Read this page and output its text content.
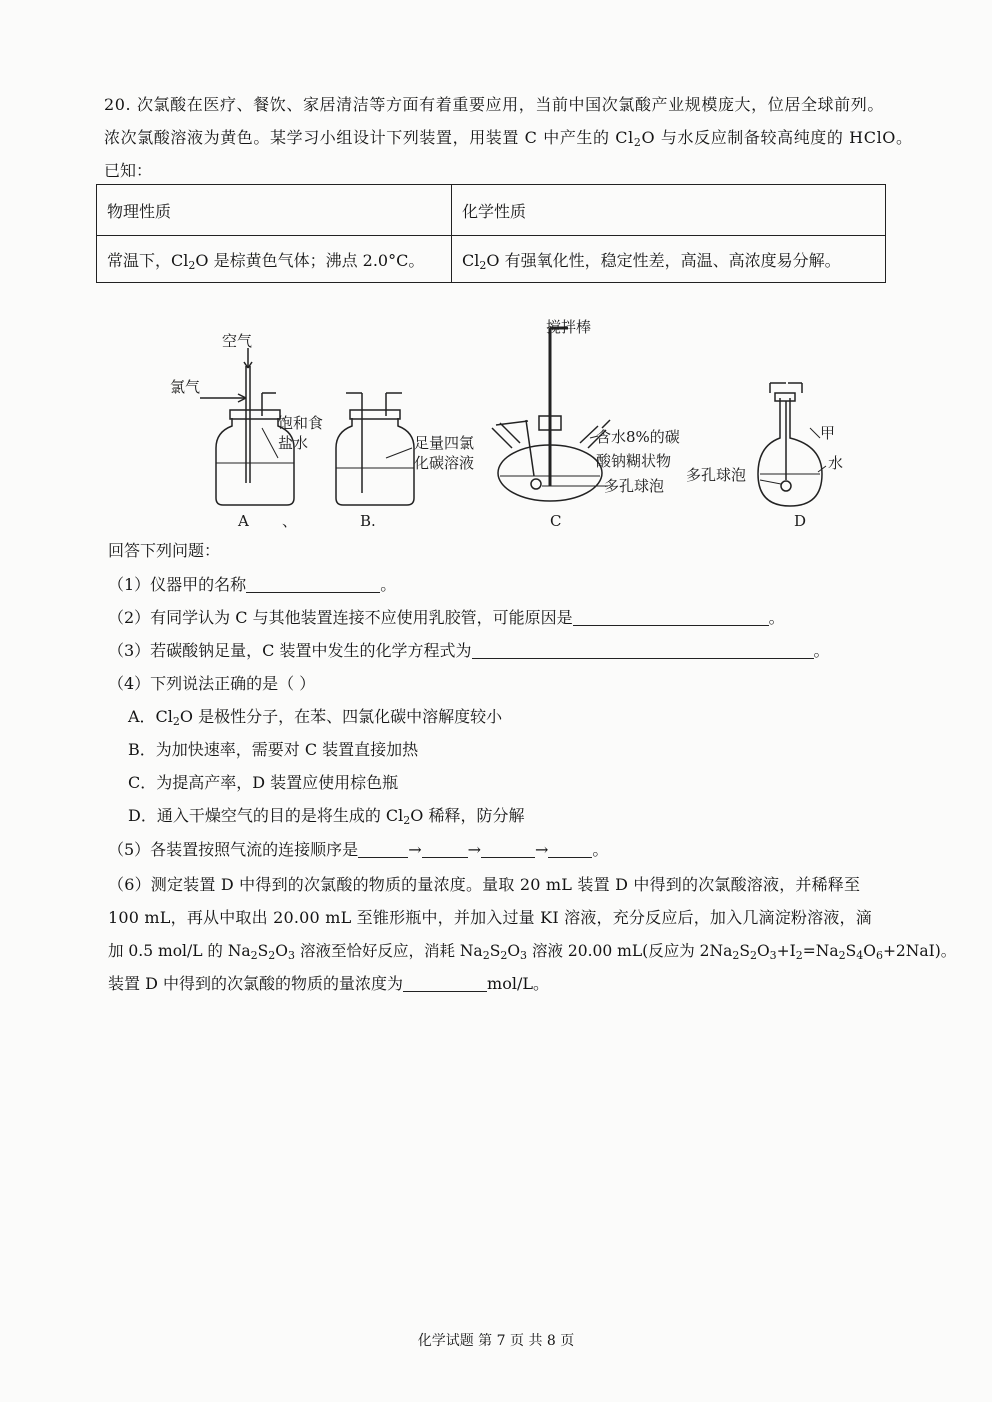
20. 次氯酸在医疗、餐饮、家居清洁等方面有着重要应用，当前中国次氯酸产业规模庞大，位居全球前列。
浓次氯酸溶液为黄色。某学习小组设计下列装置，用装置 C 中产生的 $Cl_2O$ 与水反应制备较高纯度的 HClO。
已知：
物理性质	化学性质
常温下，$Cl_2O$ 是棕黄色气体；沸点 2.0°C。	$Cl_2O$ 有强氧化性，稳定性差，高温、高浓度易分解。
空气
氯气
饱和食
盐水	足量四氯
化碳溶液
搅拌棒
含水8%的碳
酸钠糊状物
多孔球泡
多孔球泡
甲
水
A 、	B.	C	D
回答下列问题：
（1）仪器甲的名称	。
（2）有同学认为 C 与其他装置连接不应使用乳胶管，可能原因是	。
（3）若碳酸钠足量，C 装置中发生的化学方程式为	。
（4）下列说法正确的是（ ）
A．$Cl_2O$ 是极性分子，在苯、四氯化碳中溶解度较小
B．为加快速率，需要对 C 装置直接加热
C．为提高产率，D 装置应使用棕色瓶
D．通入干燥空气的目的是将生成的 $Cl_2O$ 稀释，防分解
（5）各装置按照气流的连接顺序是	→	→	→	。
（6）测定装置 D 中得到的次氯酸的物质的量浓度。量取 20 mL 装置 D 中得到的次氯酸溶液，并稀释至
100 mL，再从中取出 20.00 mL 至锥形瓶中，并加入过量 KI 溶液，充分反应后，加入几滴淀粉溶液，滴
加 0.5 mol/L 的 $Na_2S_2O_3$ 溶液至恰好反应，消耗 $Na_2S_2O_3$ 溶液 20.00 mL(反应为 $2Na_2S_2O_3+I_2=Na_2S_4O_6+2NaI$)。
装置 D 中得到的次氯酸的物质的量浓度为	mol/L。
化学试题 第 7 页 共 8 页
